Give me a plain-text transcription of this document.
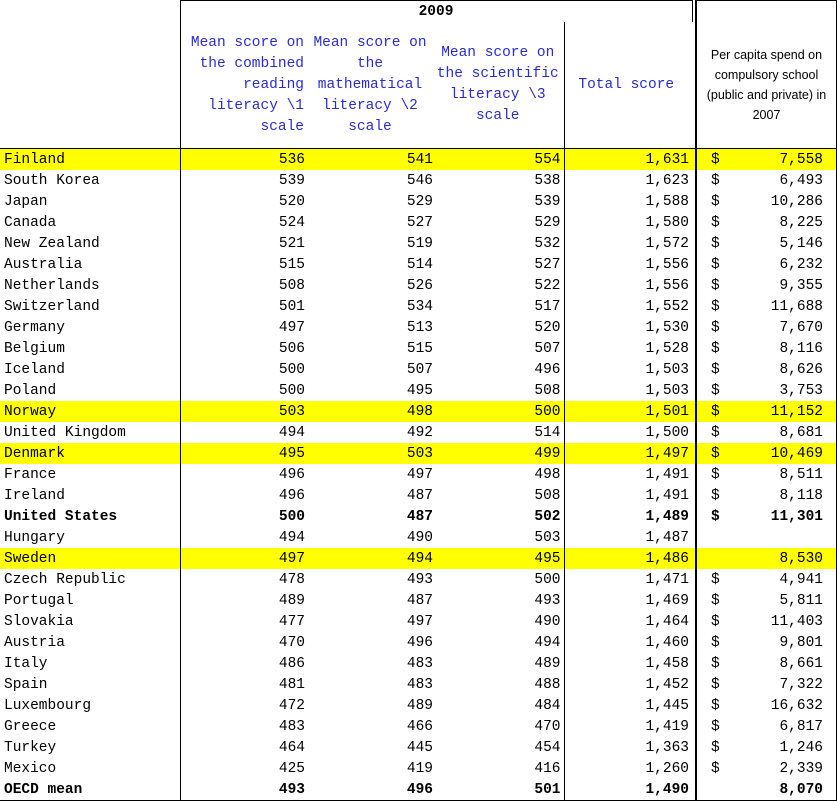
	2009					
	Mean score on the combined reading literacy \1 scale	Mean score on the mathematical literacy \2 scale	Mean score on the scientific literacy \3 scale	Total score		Per capita spend on compulsory school (public and private) in 2007
Finland	536	541	554	1,631		$ 7,558

South Korea	539	546	538	1,623		$ 6,493

Japan	520	529	539	1,588		$ 10,286

Canada	524	527	529	1,580		$ 8,225

New Zealand	521	519	532	1,572		$ 5,146

Australia	515	514	527	1,556		$ 6,232

Netherlands	508	526	522	1,556		$ 9,355

Switzerland	501	534	517	1,552		$ 11,688

Germany	497	513	520	1,530		$ 7,670

Belgium	506	515	507	1,528		$ 8,116

Iceland	500	507	496	1,503		$ 8,626

Poland	500	495	508	1,503		$ 3,753

Norway	503	498	500	1,501		$ 11,152

United Kingdom	494	492	514	1,500		$ 8,681

Denmark	495	503	499	1,497		$ 10,469

France	496	497	498	1,491		$ 8,511

Ireland	496	487	508	1,491		$ 8,118

United States	500	487	502	1,489		$ 11,301

Hungary	494	490	503	1,487		

Sweden	497	494	495	1,486		8,530

Czech Republic	478	493	500	1,471		$ 4,941

Portugal	489	487	493	1,469		$ 5,811

Slovakia	477	497	490	1,464		$ 11,403

Austria	470	496	494	1,460		$ 9,801

Italy	486	483	489	1,458		$ 8,661

Spain	481	483	488	1,452		$ 7,322

Luxembourg	472	489	484	1,445		$ 16,632

Greece	483	466	470	1,419		$ 6,817

Turkey	464	445	454	1,363		$ 1,246

Mexico	425	419	416	1,260		$ 2,339

OECD mean	493	496	501	1,490		8,070
